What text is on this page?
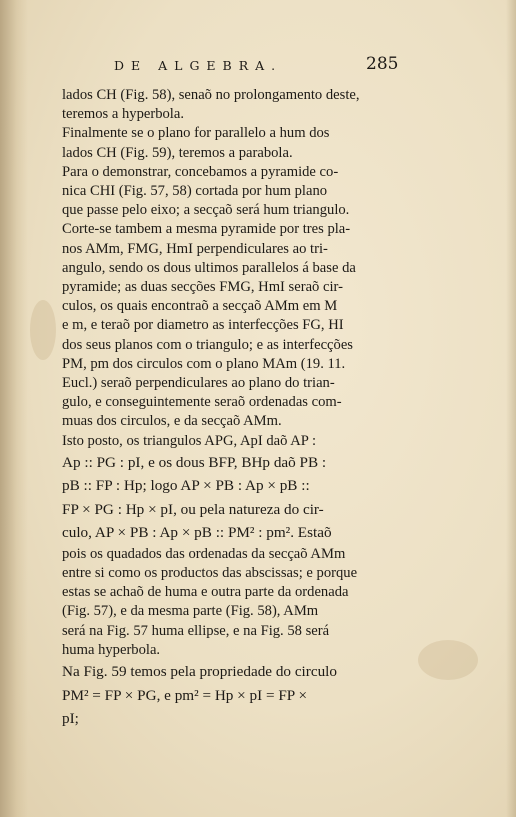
DE ALGEBRA.	285
lados CH (Fig. 58), senaõ no prolongamento deste,
teremos a hyperbola.
Finalmente se o plano for parallelo a hum dos
lados CH (Fig. 59), teremos a parabola.
Para o demonstrar, concebamos a pyramide co-
nica CHI (Fig. 57, 58) cortada por hum plano
que passe pelo eixo; a secçaõ será hum triangulo.
Corte-se tambem a mesma pyramide por tres pla-
nos AMm, FMG, HmI perpendiculares ao tri-
angulo, sendo os dous ultimos parallelos á base da
pyramide; as duas secções FMG, HmI seraõ cir-
culos, os quais encontraõ a secçaõ AMm em M
e m, e teraõ por diametro as interfecções FG, HI
dos seus planos com o triangulo; e as interfecções
PM, pm dos circulos com o plano MAm (19. 11.
Eucl.) seraõ perpendiculares ao plano do trian-
gulo, e conseguintemente seraõ ordenadas com-
muas dos circulos, e da secçaõ AMm.
Isto posto, os triangulos APG, ApI daõ AP :
Ap :: PG : pI, e os dous BFP, BHp daõ PB :
pB :: FP : Hp; logo AP × PB : Ap × pB ::
FP × PG : Hp × pI, ou pela natureza do cir-
culo, AP × PB : Ap × pB :: PM² : pm². Estaõ
pois os quadados das ordenadas da secçaõ AMm
entre si como os productos das abscissas; e porque
estas se achaõ de huma e outra parte da ordenada
(Fig. 57), e da mesma parte (Fig. 58), AMm
será na Fig. 57 huma ellipse, e na Fig. 58 será
huma hyperbola.
Na Fig. 59 temos pela propriedade do circulo
PM² = FP × PG, e pm² = Hp × pI = FP ×
pI;
